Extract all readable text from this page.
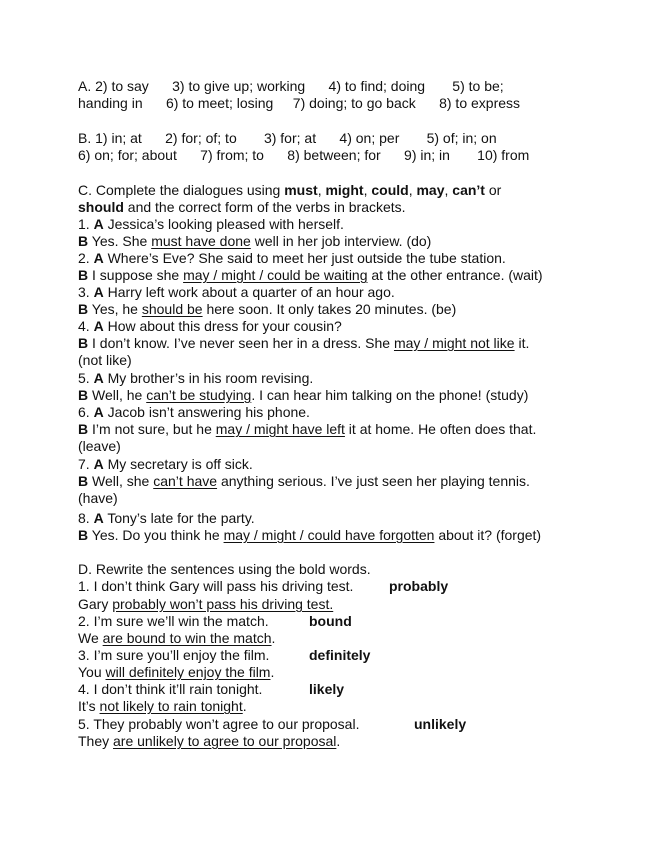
A. 2) to say      3) to give up; working      4) to find; doing       5) to be;
handing in      6) to meet; losing     7) doing; to go back      8) to express
B. 1) in; at      2) for; of; to       3) for; at      4) on; per       5) of; in; on
6) on; for; about      7) from; to      8) between; for      9) in; in       10) from
C. Complete the dialogues using must, might, could, may, can’t or
should and the correct form of the verbs in brackets.
1. A Jessica’s looking pleased with herself.
B Yes. She must have done well in her job interview. (do)
2. A Where’s Eve? She said to meet her just outside the tube station.
B I suppose she may / might / could be waiting at the other entrance. (wait)
3. A Harry left work about a quarter of an hour ago.
B Yes, he should be here soon. It only takes 20 minutes. (be)
4. A How about this dress for your cousin?
B I don’t know. I’ve never seen her in a dress. She may / might not like it.
(not like)
5. A My brother’s in his room revising.
B Well, he can’t be studying. I can hear him talking on the phone! (study)
6. A Jacob isn’t answering his phone.
B I’m not sure, but he may / might have left it at home. He often does that.
(leave)
7. A My secretary is off sick.
B Well, she can’t have anything serious. I’ve just seen her playing tennis.
(have)
8. A Tony’s late for the party.
B Yes. Do you think he may / might / could have forgotten about it? (forget)
D. Rewrite the sentences using the bold words.
1. I don’t think Gary will pass his driving test.	probably
Gary probably won’t pass his driving test.
2. I’m sure we’ll win the match.	bound
We are bound to win the match.
3. I’m sure you’ll enjoy the film.	definitely
You will definitely enjoy the film.
4. I don’t think it’ll rain tonight.	likely
It’s not likely to rain tonight.
5. They probably won’t agree to our proposal.	unlikely
They are unlikely to agree to our proposal.
